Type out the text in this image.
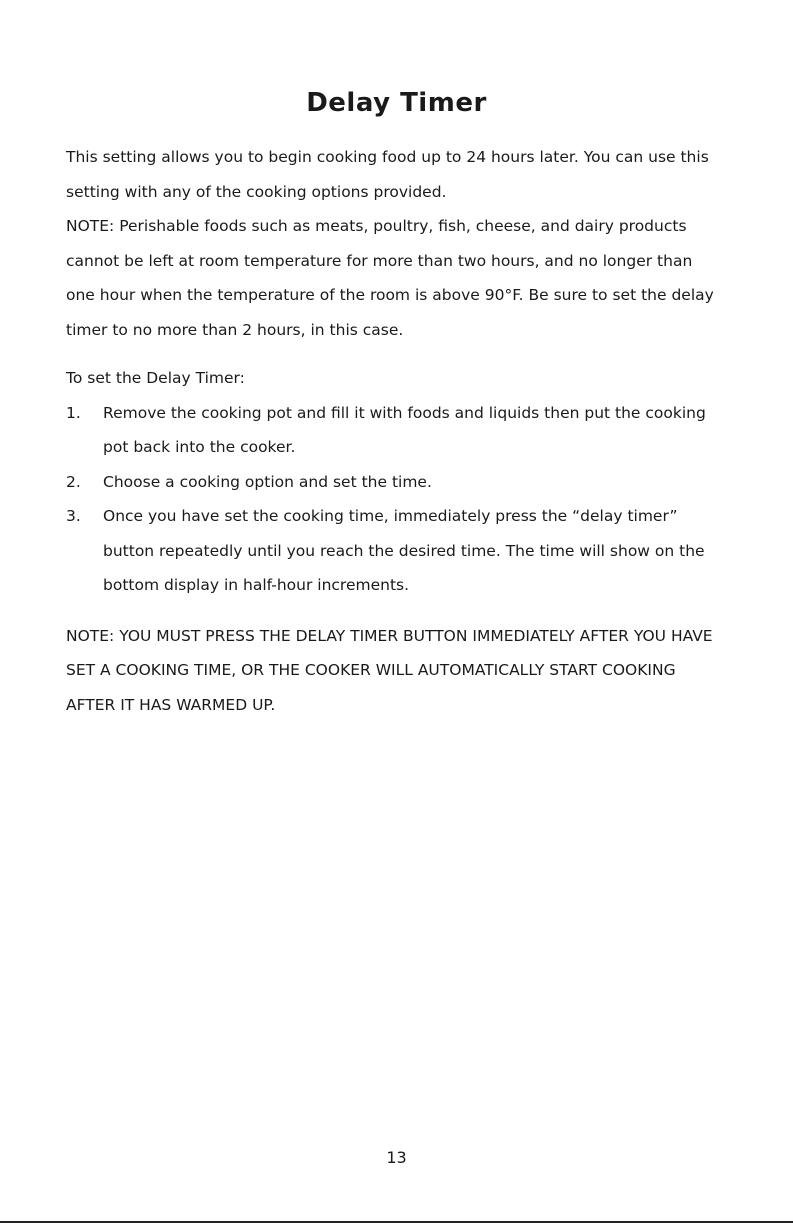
Delay Timer

This setting allows you to begin cooking food up to 24 hours later. You can use this setting with any of the cooking options provided.

NOTE: Perishable foods such as meats, poultry, fish, cheese, and dairy products cannot be left at room temperature for more than two hours, and no longer than one hour when the temperature of the room is above 90°F. Be sure to set the delay timer to no more than 2 hours, in this case.

To set the Delay Timer:

1.	Remove the cooking pot and fill it with foods and liquids then put the cooking pot back into the cooker.
2.	Choose a cooking option and set the time.
3.	Once you have set the cooking time, immediately press the “delay timer” button repeatedly until you reach the desired time. The time will show on the bottom display in half-hour increments.

NOTE: YOU MUST PRESS THE DELAY TIMER BUTTON IMMEDIATELY AFTER YOU HAVE SET A COOKING TIME, OR THE COOKER WILL AUTOMATICALLY START COOKING AFTER IT HAS WARMED UP.

13
